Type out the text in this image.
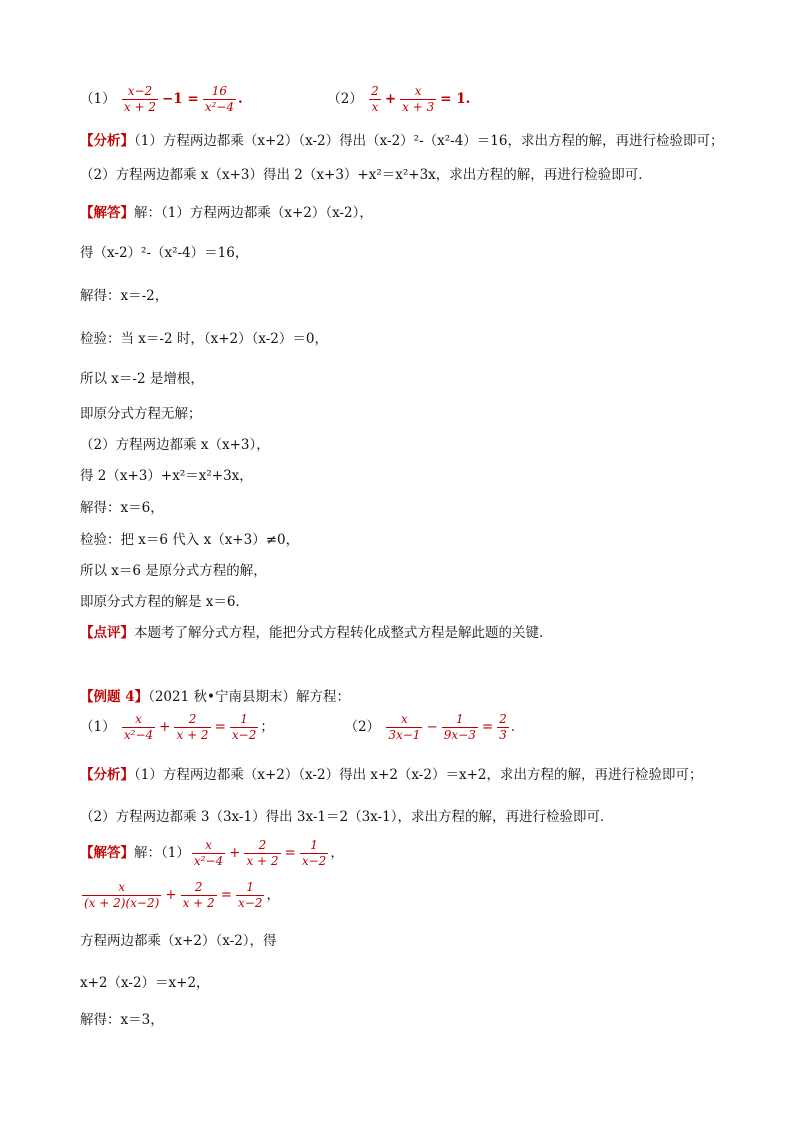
$(1) \frac{x-2}{x + 2} -1 = \frac{16}{\text{x²−4}}$ .	$(2) \frac{2}{x} + \frac{x}{x + 3} = 1$.
【分析】（1）方程两边都乘（x+2）（x-2）得出（x-2）²-（x²-4）＝16，求出方程的解，再进行检验即可；
（2）方程两边都乘 x（x+3）得出 2（x+3）+x²＝x²+3x，求出方程的解，再进行检验即可．
【解答】解：（1）方程两边都乘（x+2）（x-2），
得（x-2）²-（x²-4）＝16，
解得：x＝-2，
检验：当 x＝-2 时，（x+2）（x-2）＝0，
所以 x＝-2 是增根，
即原分式方程无解；
（2）方程两边都乘 x（x+3），
得 2（x+3）+x²＝x²+3x，
解得：x＝6，
检验：把 x＝6 代入 x（x+3）≠0，
所以 x＝6 是原分式方程的解，
即原分式方程的解是 x＝6．
【点评】本题考了解分式方程，能把分式方程转化成整式方程是解此题的关键．
【例题 4】（2021 秋•宁南县期末）解方程：
$(1) \frac{x}{\text{x²−4}} + \frac{2}{x + 2} = \frac{1}{x-2}$ ；	$(2) \frac{x}{3x-1} - \frac{1}{9x-3} = \frac{2}{3}$ .
【分析】（1）方程两边都乘（x+2）（x-2）得出 x+2（x-2）＝x+2，求出方程的解，再进行检验即可；
（2）方程两边都乘 3（3x-1）得出 3x-1＝2（3x-1），求出方程的解，再进行检验即可．
【解答】解：$(1) \frac{x}{\text{x²−4}} + \frac{2}{x + 2} = \frac{1}{x-2}$ ，
$\frac{x}{(x + 2)(x-2)} + \frac{2}{x + 2} = \frac{1}{x-2}$ ，
方程两边都乘（x+2）（x-2），得
x+2（x-2）＝x+2，
解得：x＝3，
